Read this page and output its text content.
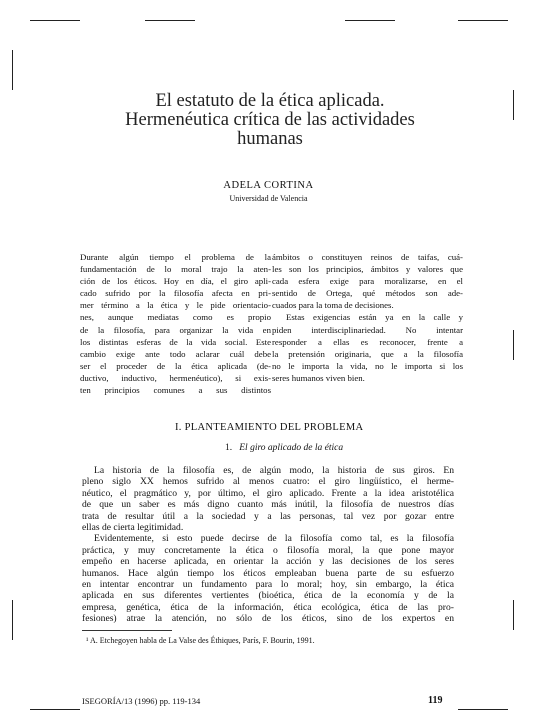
El estatuto de la ética aplicada.
Hermenéutica crítica de las actividades
humanas
ADELA CORTINA
Universidad de Valencia
Durante algún tiempo el problema de la
fundamentación de lo moral trajo la aten-
ción de los éticos. Hoy en día, el giro apli-
cado sufrido por la filosofía afecta en pri-
mer término a la ética y le pide orientacio-
nes, aunque mediatas como es propio
de la filosofía, para organizar la vida en
los distintas esferas de la vida social. Este
cambio exige ante todo aclarar cuál debe
ser el proceder de la ética aplicada (de-
ductivo, inductivo, hermenéutico), si exis-
ten principios comunes a sus distintos
ámbitos o constituyen reinos de taifas, cuá-
les son los principios, ámbitos y valores que
cada esfera exige para moralizarse, en el
sentido de Ortega, qué métodos son ade-
cuados para la toma de decisiones.
Estas exigencias están ya en la calle y
piden interdisciplinariedad. No intentar
responder a ellas es reconocer, frente a
la pretensión originaria, que a la filosofía
no le importa la vida, no le importa si los
seres humanos viven bien.
I. PLANTEAMIENTO DEL PROBLEMA
1. El giro aplicado de la ética
La historia de la filosofía es, de algún modo, la historia de sus giros. En
pleno siglo XX hemos sufrido al menos cuatro: el giro lingüístico, el herme-
néutico, el pragmático y, por último, el giro aplicado. Frente a la idea aristotélica
de que un saber es más digno cuanto más inútil, la filosofía de nuestros días
trata de resultar útil a la sociedad y a las personas, tal vez por gozar entre
ellas de cierta legitimidad.
Evidentemente, si esto puede decirse de la filosofía como tal, es la filosofía
práctica, y muy concretamente la ética o filosofía moral, la que pone mayor
empeño en hacerse aplicada, en orientar la acción y las decisiones de los seres
humanos. Hace algún tiempo los éticos empleaban buena parte de su esfuerzo
en intentar encontrar un fundamento para lo moral; hoy, sin embargo, la ética
aplicada en sus diferentes vertientes (bioética, ética de la economía y de la
empresa, genética, ética de la información, ética ecológica, ética de las pro-
fesiones) atrae la atención, no sólo de los éticos, sino de los expertos en
¹ A. Etchegoyen habla de La Valse des Éthiques, París, F. Bourin, 1991.
ISEGORÍA/13 (1996) pp. 119-134	119
